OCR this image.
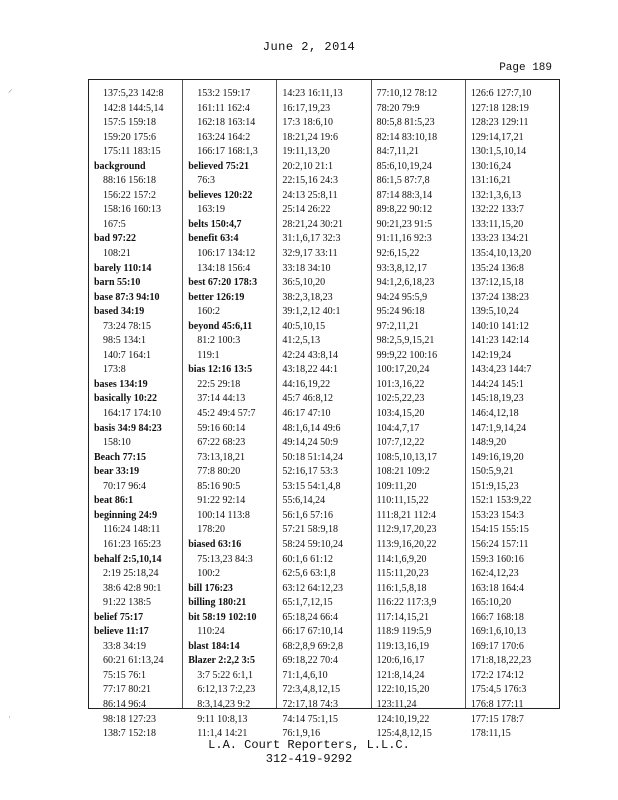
June 2, 2014
Page 189
137:5,23 142:8
142:8 144:5,14
157:5 159:18
159:20 175:6
175:11 183:15
background
88:16 156:18
156:22 157:2
158:16 160:13
167:5
bad 97:22
108:21
barely 110:14
barn 55:10
base 87:3 94:10
based 34:19
73:24 78:15
98:5 134:1
140:7 164:1
173:8
bases 134:19
basically 10:22
164:17 174:10
basis 34:9 84:23
158:10
Beach 77:15
bear 33:19
70:17 96:4
beat 86:1
beginning 24:9
116:24 148:11
161:23 165:23
behalf 2:5,10,14
2:19 25:18,24
38:6 42:8 90:1
91:22 138:5
belief 75:17
believe 11:17
33:8 34:19
60:21 61:13,24
75:15 76:1
77:17 80:21
86:14 96:4
98:18 127:23
138:7 152:18
153:2 159:17
161:11 162:4
162:18 163:14
163:24 164:2
166:17 168:1,3
believed 75:21
76:3
believes 120:22
163:19
belts 150:4,7
benefit 63:4
106:17 134:12
134:18 156:4
best 67:20 178:3
better 126:19
160:2
beyond 45:6,11
81:2 100:3
119:1
bias 12:16 13:5
22:5 29:18
37:14 44:13
45:2 49:4 57:7
59:16 60:14
67:22 68:23
73:13,18,21
77:8 80:20
85:16 90:5
91:22 92:14
100:14 113:8
178:20
biased 63:16
75:13,23 84:3
100:2
bill 176:23
billing 180:21
bit 58:19 102:10
110:24
blast 184:14
Blazer 2:2,2 3:5
3:7 5:22 6:1,1
6:12,13 7:2,23
8:3,14,23 9:2
9:11 10:8,13
11:1,4 14:21
14:23 16:11,13
16:17,19,23
17:3 18:6,10
18:21,24 19:6
19:11,13,20
20:2,10 21:1
22:15,16 24:3
24:13 25:8,11
25:14 26:22
28:21,24 30:21
31:1,6,17 32:3
32:9,17 33:11
33:18 34:10
36:5,10,20
38:2,3,18,23
39:1,2,12 40:1
40:5,10,15
41:2,5,13
42:24 43:8,14
43:18,22 44:1
44:16,19,22
45:7 46:8,12
46:17 47:10
48:1,6,14 49:6
49:14,24 50:9
50:18 51:14,24
52:16,17 53:3
53:15 54:1,4,8
55:6,14,24
56:1,6 57:16
57:21 58:9,18
58:24 59:10,24
60:1,6 61:12
62:5,6 63:1,8
63:12 64:12,23
65:1,7,12,15
65:18,24 66:4
66:17 67:10,14
68:2,8,9 69:2,8
69:18,22 70:4
71:1,4,6,10
72:3,4,8,12,15
72:17,18 74:3
74:14 75:1,15
76:1,9,16
77:10,12 78:12
78:20 79:9
80:5,8 81:5,23
82:14 83:10,18
84:7,11,21
85:6,10,19,24
86:1,5 87:7,8
87:14 88:3,14
89:8,22 90:12
90:21,23 91:5
91:11,16 92:3
92:6,15,22
93:3,8,12,17
94:1,2,6,18,23
94:24 95:5,9
95:24 96:18
97:2,11,21
98:2,5,9,15,21
99:9,22 100:16
100:17,20,24
101:3,16,22
102:5,22,23
103:4,15,20
104:4,7,17
107:7,12,22
108:5,10,13,17
108:21 109:2
109:11,20
110:11,15,22
111:8,21 112:4
112:9,17,20,23
113:9,16,20,22
114:1,6,9,20
115:11,20,23
116:1,5,8,18
116:22 117:3,9
117:14,15,21
118:9 119:5,9
119:13,16,19
120:6,16,17
121:8,14,24
122:10,15,20
123:11,24
124:10,19,22
125:4,8,12,15
126:6 127:7,10
127:18 128:19
128:23 129:11
129:14,17,21
130:1,5,10,14
130:16,24
131:16,21
132:1,3,6,13
132:22 133:7
133:11,15,20
133:23 134:21
135:4,10,13,20
135:24 136:8
137:12,15,18
137:24 138:23
139:5,10,24
140:10 141:12
141:23 142:14
142:19,24
143:4,23 144:7
144:24 145:1
145:18,19,23
146:4,12,18
147:1,9,14,24
148:9,20
149:16,19,20
150:5,9,21
151:9,15,23
152:1 153:9,22
153:23 154:3
154:15 155:15
156:24 157:11
159:3 160:16
162:4,12,23
163:18 164:4
165:10,20
166:7 168:18
169:1,6,10,13
169:17 170:6
171:8,18,22,23
172:2 174:12
175:4,5 176:3
176:8 177:11
177:15 178:7
178:11,15
L.A. Court Reporters, L.L.C.
312-419-9292
⸝
ʿ
